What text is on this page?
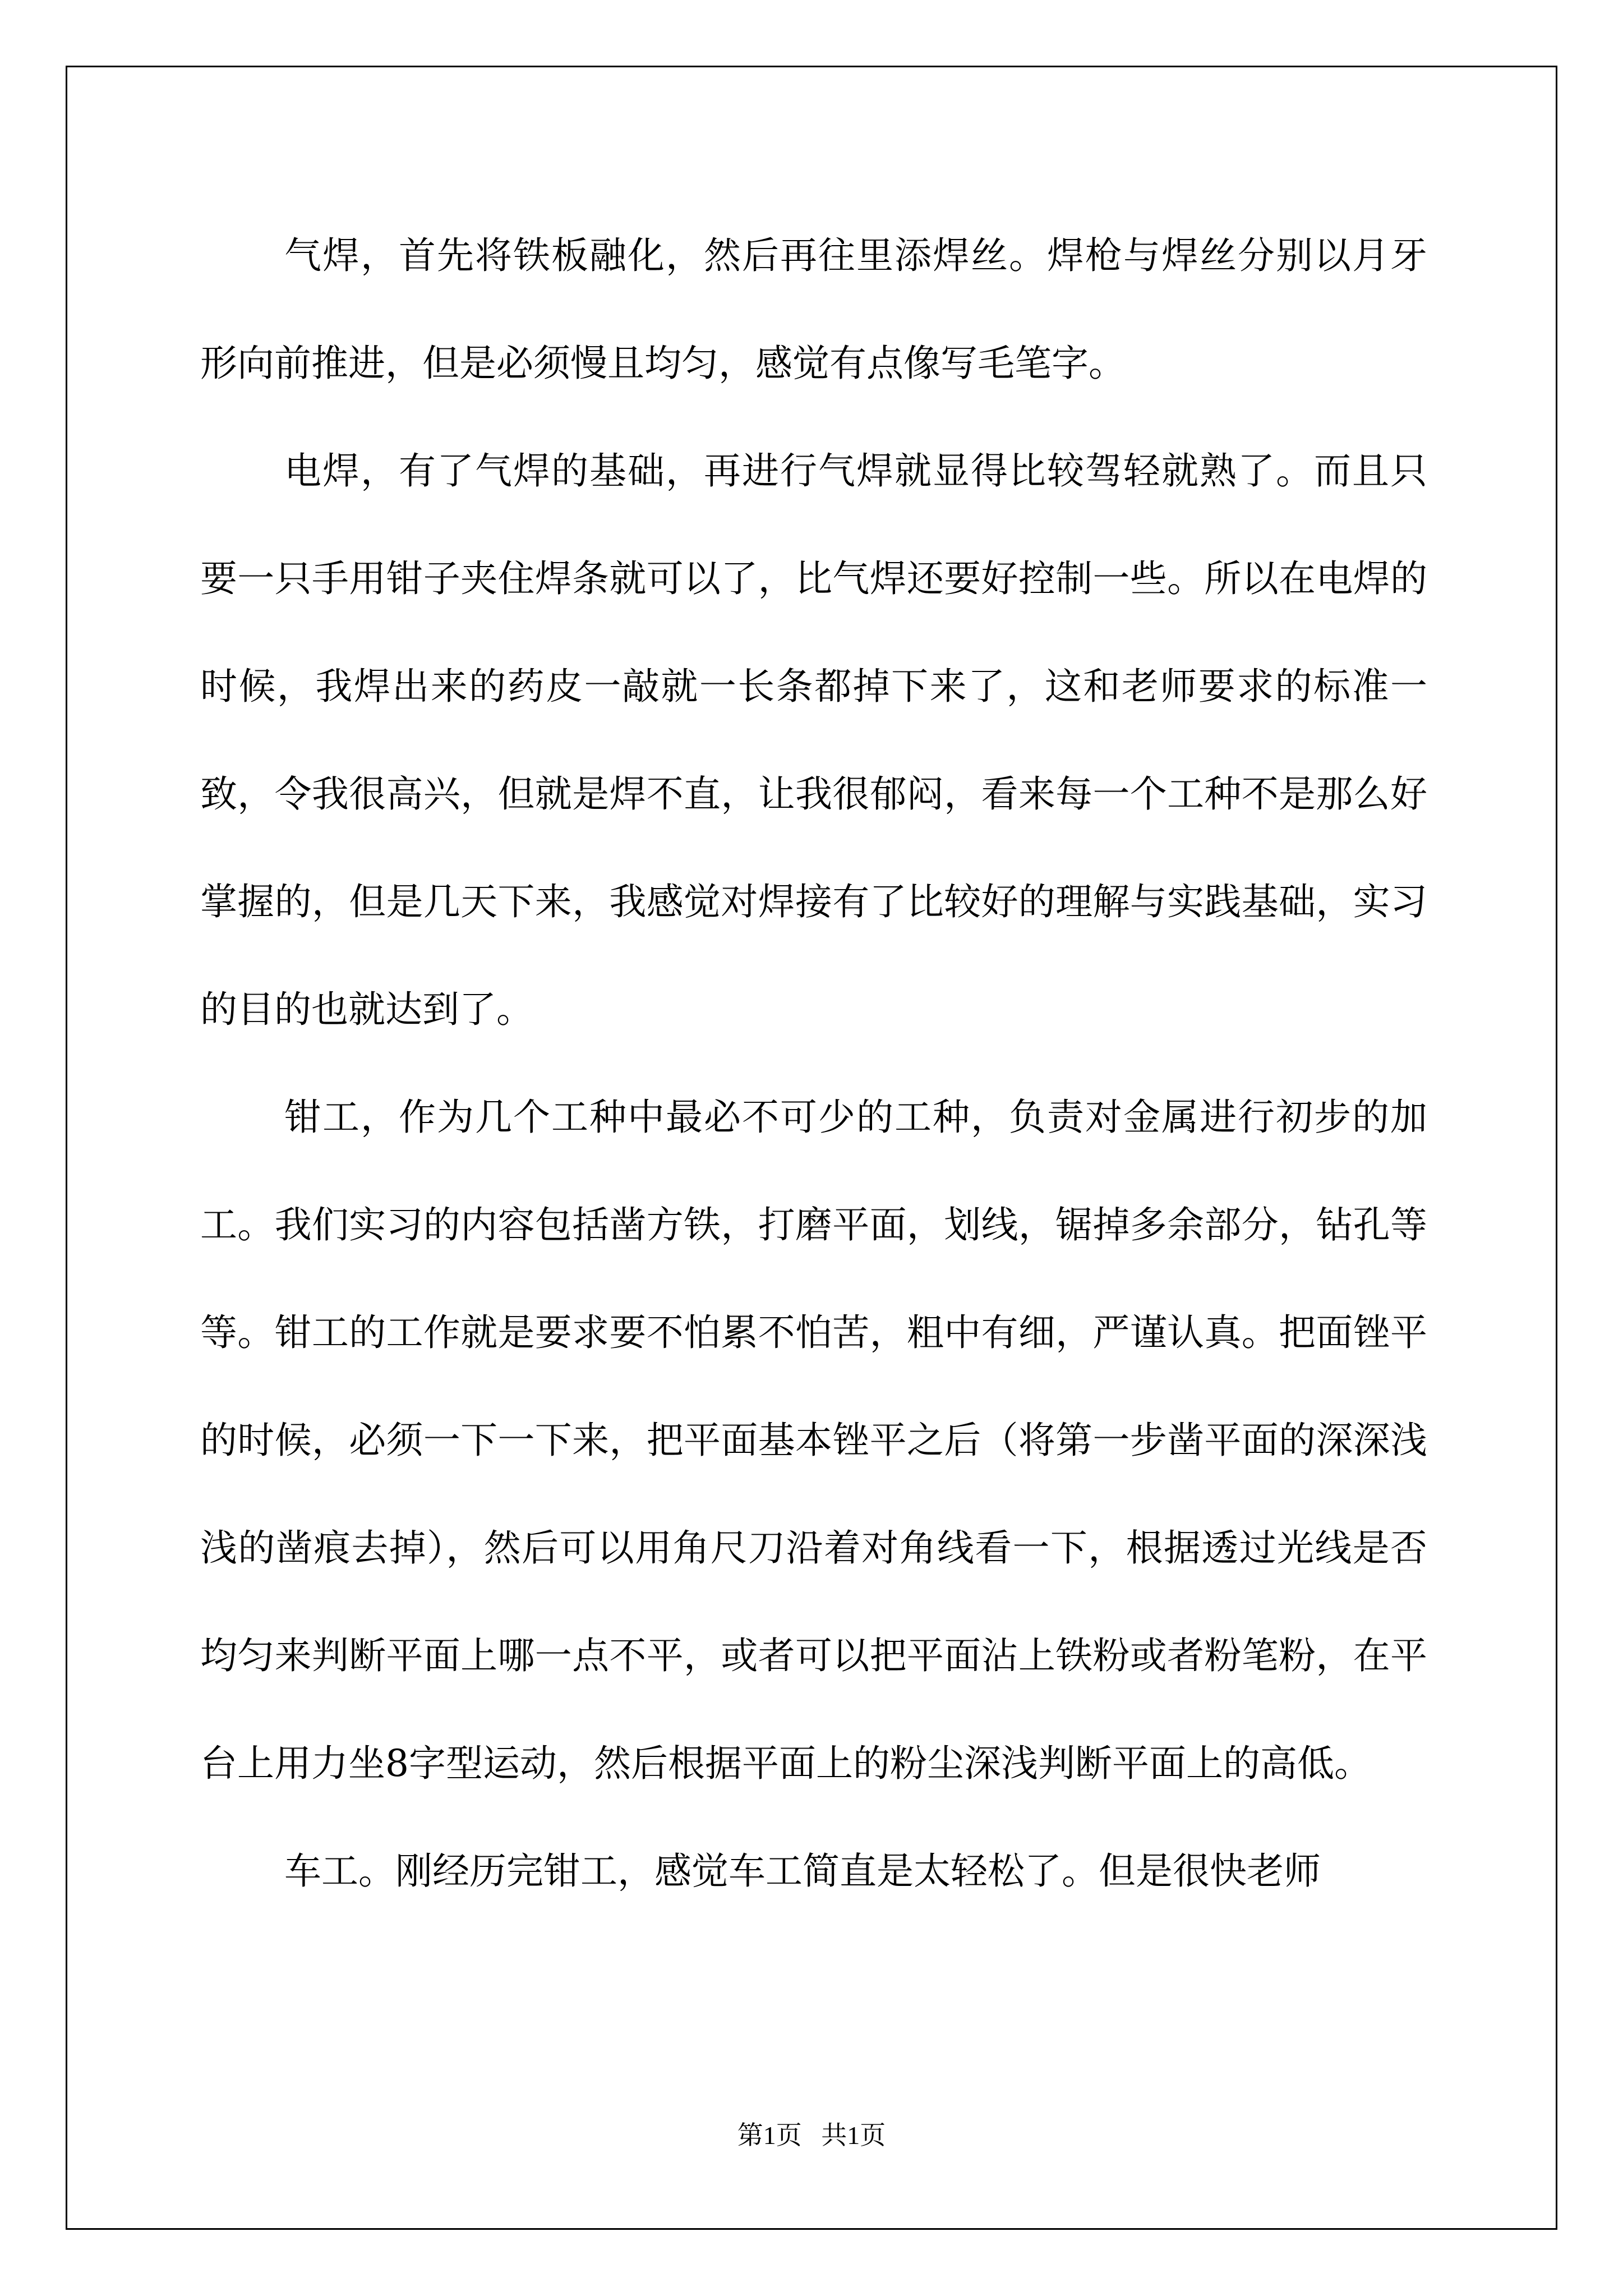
气焊，首先将铁板融化，然后再往里添焊丝。焊枪与焊丝分别以月牙形向前推进，但是必须慢且均匀，感觉有点像写毛笔字。

电焊，有了气焊的基础，再进行气焊就显得比较驾轻就熟了。而且只要一只手用钳子夹住焊条就可以了，比气焊还要好控制一些。所以在电焊的时候，我焊出来的药皮一敲就一长条都掉下来了，这和老师要求的标准一致，令我很高兴，但就是焊不直，让我很郁闷，看来每一个工种不是那么好掌握的，但是几天下来，我感觉对焊接有了比较好的理解与实践基础，实习的目的也就达到了。

钳工，作为几个工种中最必不可少的工种，负责对金属进行初步的加工。我们实习的内容包括凿方铁，打磨平面，划线，锯掉多余部分，钻孔等等。钳工的工作就是要求要不怕累不怕苦，粗中有细，严谨认真。把面锉平的时候，必须一下一下来，把平面基本锉平之后（将第一步凿平面的深深浅浅的凿痕去掉），然后可以用角尺刀沿着对角线看一下，根据透过光线是否均匀来判断平面上哪一点不平，或者可以把平面沾上铁粉或者粉笔粉，在平台上用力坐8字型运动，然后根据平面上的粉尘深浅判断平面上的高低。

车工。刚经历完钳工，感觉车工简直是太轻松了。但是很快老师

第1页 共1页
